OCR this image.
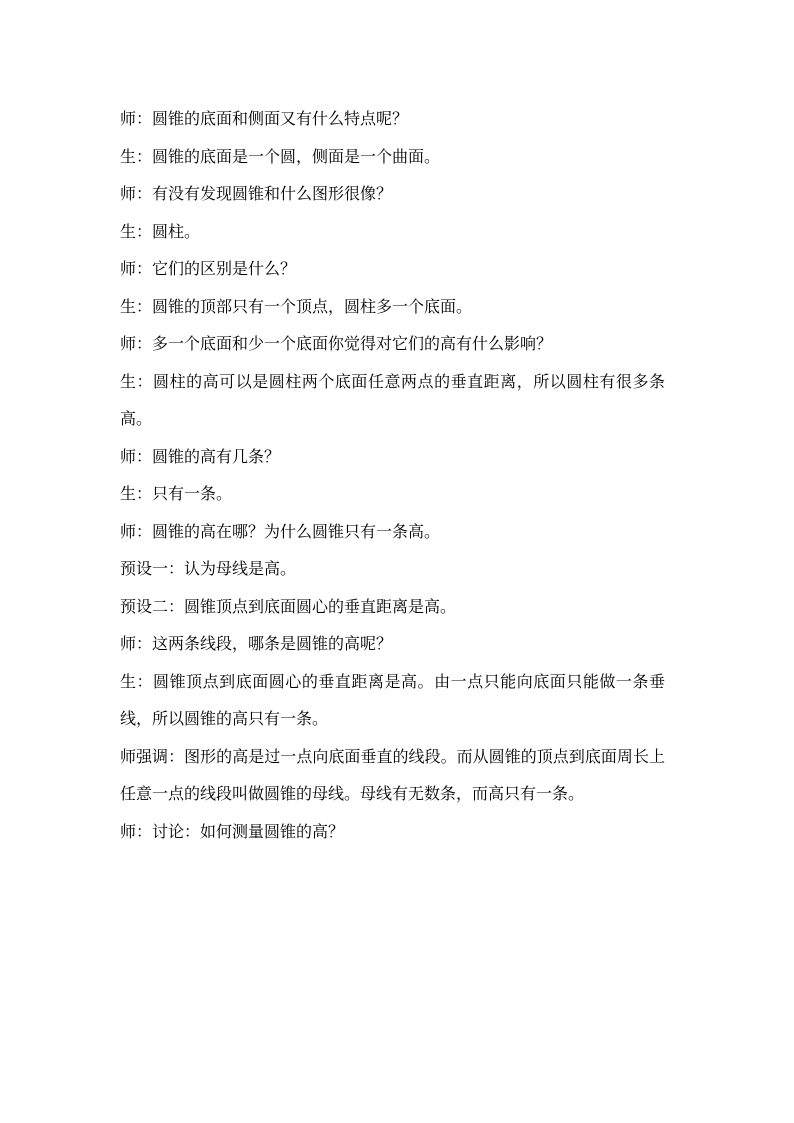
师：圆锥的底面和侧面又有什么特点呢？

生：圆锥的底面是一个圆，侧面是一个曲面。

师：有没有发现圆锥和什么图形很像？

生：圆柱。

师：它们的区别是什么？

生：圆锥的顶部只有一个顶点，圆柱多一个底面。

师：多一个底面和少一个底面你觉得对它们的高有什么影响？

生：圆柱的高可以是圆柱两个底面任意两点的垂直距离，所以圆柱有很多条高。

师：圆锥的高有几条？

生：只有一条。

师：圆锥的高在哪？为什么圆锥只有一条高。

预设一：认为母线是高。

预设二：圆锥顶点到底面圆心的垂直距离是高。

师：这两条线段，哪条是圆锥的高呢？

生：圆锥顶点到底面圆心的垂直距离是高。由一点只能向底面只能做一条垂线，所以圆锥的高只有一条。

师强调：图形的高是过一点向底面垂直的线段。而从圆锥的顶点到底面周长上任意一点的线段叫做圆锥的母线。母线有无数条，而高只有一条。

师：讨论：如何测量圆锥的高？
